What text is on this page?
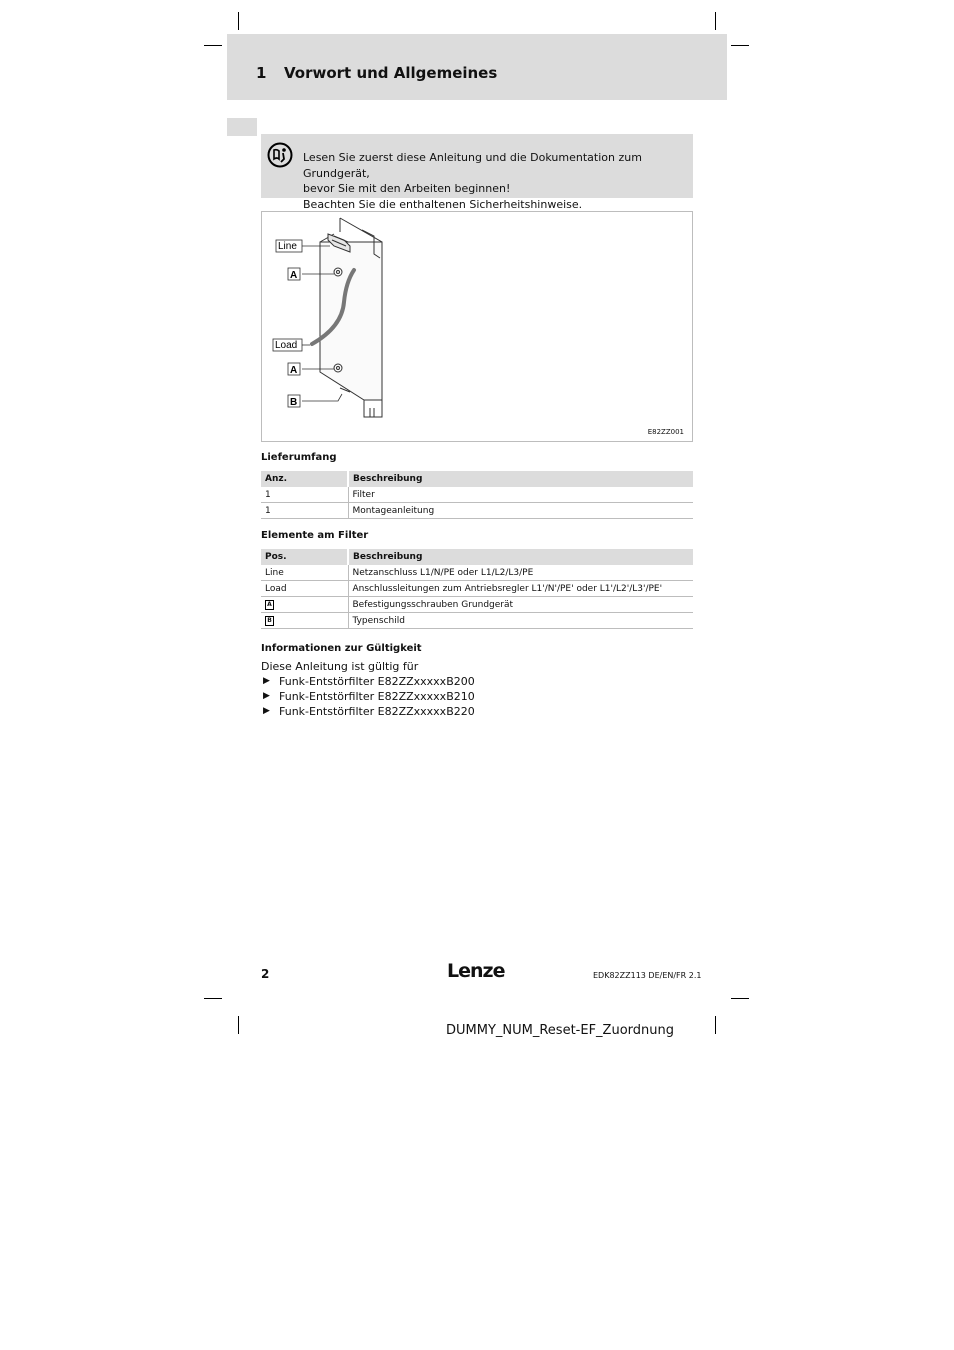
1 Vorwort und Allgemeines
Lesen Sie zuerst diese Anleitung und die Dokumentation zum Grundgerät,
bevor Sie mit den Arbeiten beginnen!
Beachten Sie die enthaltenen Sicherheitshinweise.
Line
A
Load
A
B
E82ZZ001
Lieferumfang
Anz.	Beschreibung
1	Filter
1	Montageanleitung
Elemente am Filter
Pos.	Beschreibung
Line	Netzanschluss L1/N/PE oder L1/L2/L3/PE
Load	Anschlussleitungen zum Antriebsregler L1'/N'/PE' oder L1'/L2'/L3'/PE'
A	Befestigungsschrauben Grundgerät
B	Typenschild
Informationen zur Gültigkeit
Diese Anleitung ist gültig für
▶ Funk-Entstörfilter E82ZZxxxxxB200
▶ Funk-Entstörfilter E82ZZxxxxxB210
▶ Funk-Entstörfilter E82ZZxxxxxB220
2	Lenze	EDK82ZZ113 DE/EN/FR 2.1
DUMMY_NUM_Reset-EF_Zuordnung
